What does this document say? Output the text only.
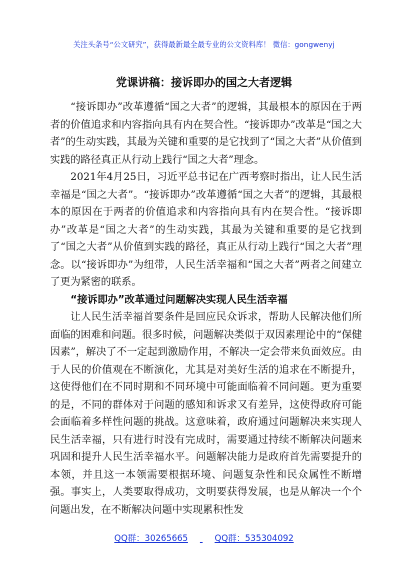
关注头条号“公文研究”，获得最新最全最专业的公文资料库！ 微信：gongwenyj
党课讲稿：接诉即办的国之大者逻辑

“接诉即办”改革遵循“国之大者”的逻辑，其最根本的原因在于两者的价值追求和内容指向具有内在契合性。“接诉即办”改革是“国之大者”的生动实践，其最为关键和重要的是它找到了“国之大者”从价值到实践的路径真正从行动上践行“国之大者”理念。

2021年4月25日，习近平总书记在广西考察时指出，让人民生活幸福是“国之大者”。“接诉即办”改革遵循“国之大者”的逻辑，其最根本的原因在于两者的价值追求和内容指向具有内在契合性。“接诉即办”改革是“国之大者”的生动实践，其最为关键和重要的是它找到了“国之大者”从价值到实践的路径，真正从行动上践行“国之大者”理念。以“接诉即办”为纽带，人民生活幸福和“国之大者”两者之间建立了更为紧密的联系。

“接诉即办”改革通过问题解决实现人民生活幸福

让人民生活幸福首要条件是回应民众诉求，帮助人民解决他们所面临的困难和问题。很多时候，问题解决类似于双因素理论中的“保健因素”，解决了不一定起到激励作用，不解决一定会带来负面效应。由于人民的价值观在不断演化，尤其是对美好生活的追求在不断提升，这使得他们在不同时期和不同环境中可能面临着不同问题。更为重要的是，不同的群体对于问题的感知和诉求又有差异，这使得政府可能会面临着多样性问题的挑战。这意味着，政府通过问题解决来实现人民生活幸福，只有进行时没有完成时，需要通过持续不断解决问题来巩固和提升人民生活幸福水平。问题解决能力是政府首先需要提升的本领，并且这一本领需要根据环境、问题复杂性和民众属性不断增强。事实上，人类要取得成功，文明要获得发展，也是从解决一个个问题出发，在不断解决问题中实现累积性发

QQ群：30265665	QQ群：535304092
